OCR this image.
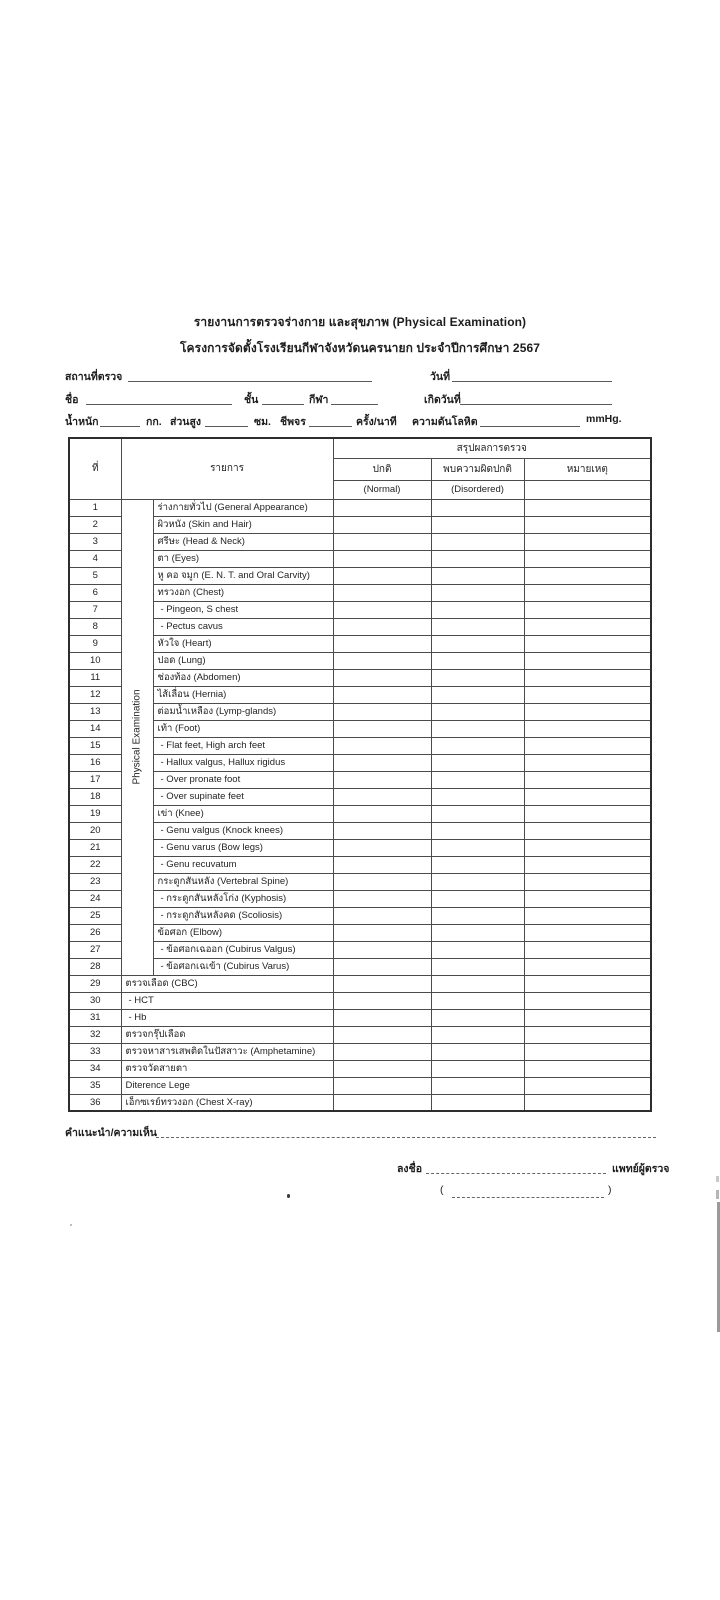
รายงานการตรวจร่างกาย และสุขภาพ (Physical Examination)
โครงการจัดตั้งโรงเรียนกีฬาจังหวัดนครนายก ประจำปีการศึกษา 2567
สถานที่ตรวจ	วันที่
ชื่อ	ชั้น	กีฬา	เกิดวันที่
น้ำหนัก	กก. ส่วนสูง	ซม. ชีพจร	ครั้ง/นาที ความดันโลหิต	mmHg.
ที่	รายการ		สรุปผลการตรวจ		
			ปกติ	พบความผิดปกติ	หมายเหตุ
			(Normal)	(Disordered)	
1	Physical Examination	ร่างกายทั่วไป (General Appearance)			
2		ผิวหนัง (Skin and Hair)			
3		ศรีษะ (Head & Neck)			
4		ตา (Eyes)			
5		หู คอ จมูก (E. N. T. and Oral Carvity)			
6		ทรวงอก (Chest)			
7		- Pingeon, S chest			
8		- Pectus cavus			
9		หัวใจ (Heart)			
10		ปอด (Lung)			
11		ช่องท้อง (Abdomen)			
12		ไส้เลื่อน (Hernia)			
13		ต่อมน้ำเหลือง (Lymp-glands)			
14		เท้า (Foot)			
15		- Flat feet, High arch feet			
16		- Hallux valgus, Hallux rigidus			
17		- Over pronate foot			
18		- Over supinate feet			
19		เข่า (Knee)			
20		- Genu valgus (Knock knees)			
21		- Genu varus (Bow legs)			
22		- Genu recuvatum			
23		กระดูกสันหลัง (Vertebral Spine)			
24		- กระดูกสันหลังโก่ง (Kyphosis)			
25		- กระดูกสันหลังคด (Scoliosis)			
26		ข้อศอก (Elbow)			
27		- ข้อศอกเฉออก (Cubirus Valgus)			
28		- ข้อศอกเฉเข้า (Cubirus Varus)			
29	ตรวจเลือด (CBC)				
30	- HCT				
31	- Hb				
32	ตรวจกรุ๊ปเลือด				
33	ตรวจหาสารเสพติดในปัสสาวะ (Amphetamine)				
34	ตรวจวัดสายตา				
35	Diterence Lege				
36	เอ็กซเรย์ทรวงอก (Chest X-ray)				
คำแนะนำ/ความเห็น
ลงชื่อ	แพทย์ผู้ตรวจ
(	)
